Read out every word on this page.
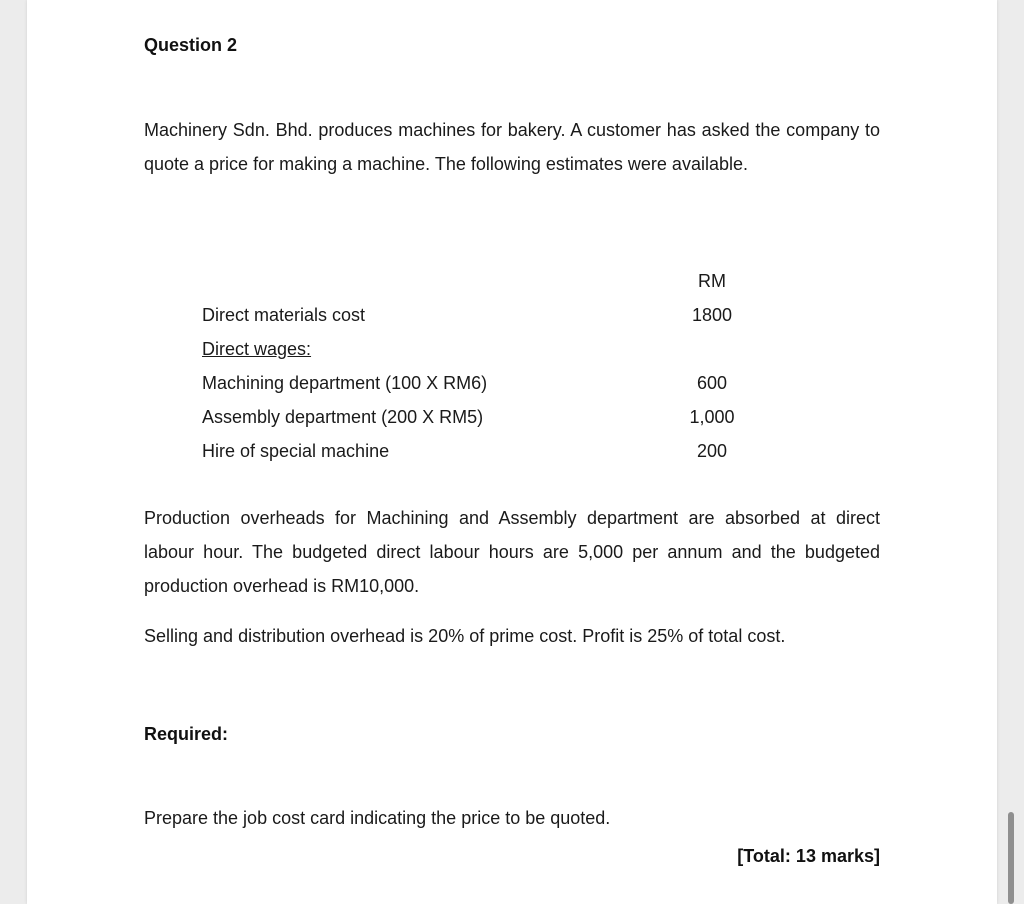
Question 2

Machinery Sdn. Bhd. produces machines for bakery. A customer has asked the company to quote a price for making a machine. The following estimates were available.

	RM
Direct materials cost	1800
Direct wages:	
Machining department (100 X RM6)	600
Assembly department (200 X RM5)	1,000
Hire of special machine	200

Production overheads for Machining and Assembly department are absorbed at direct labour hour. The budgeted direct labour hours are 5,000 per annum and the budgeted production overhead is RM10,000.

Selling and distribution overhead is 20% of prime cost. Profit is 25% of total cost.

Required:

Prepare the job cost card indicating the price to be quoted.

[Total: 13 marks]
